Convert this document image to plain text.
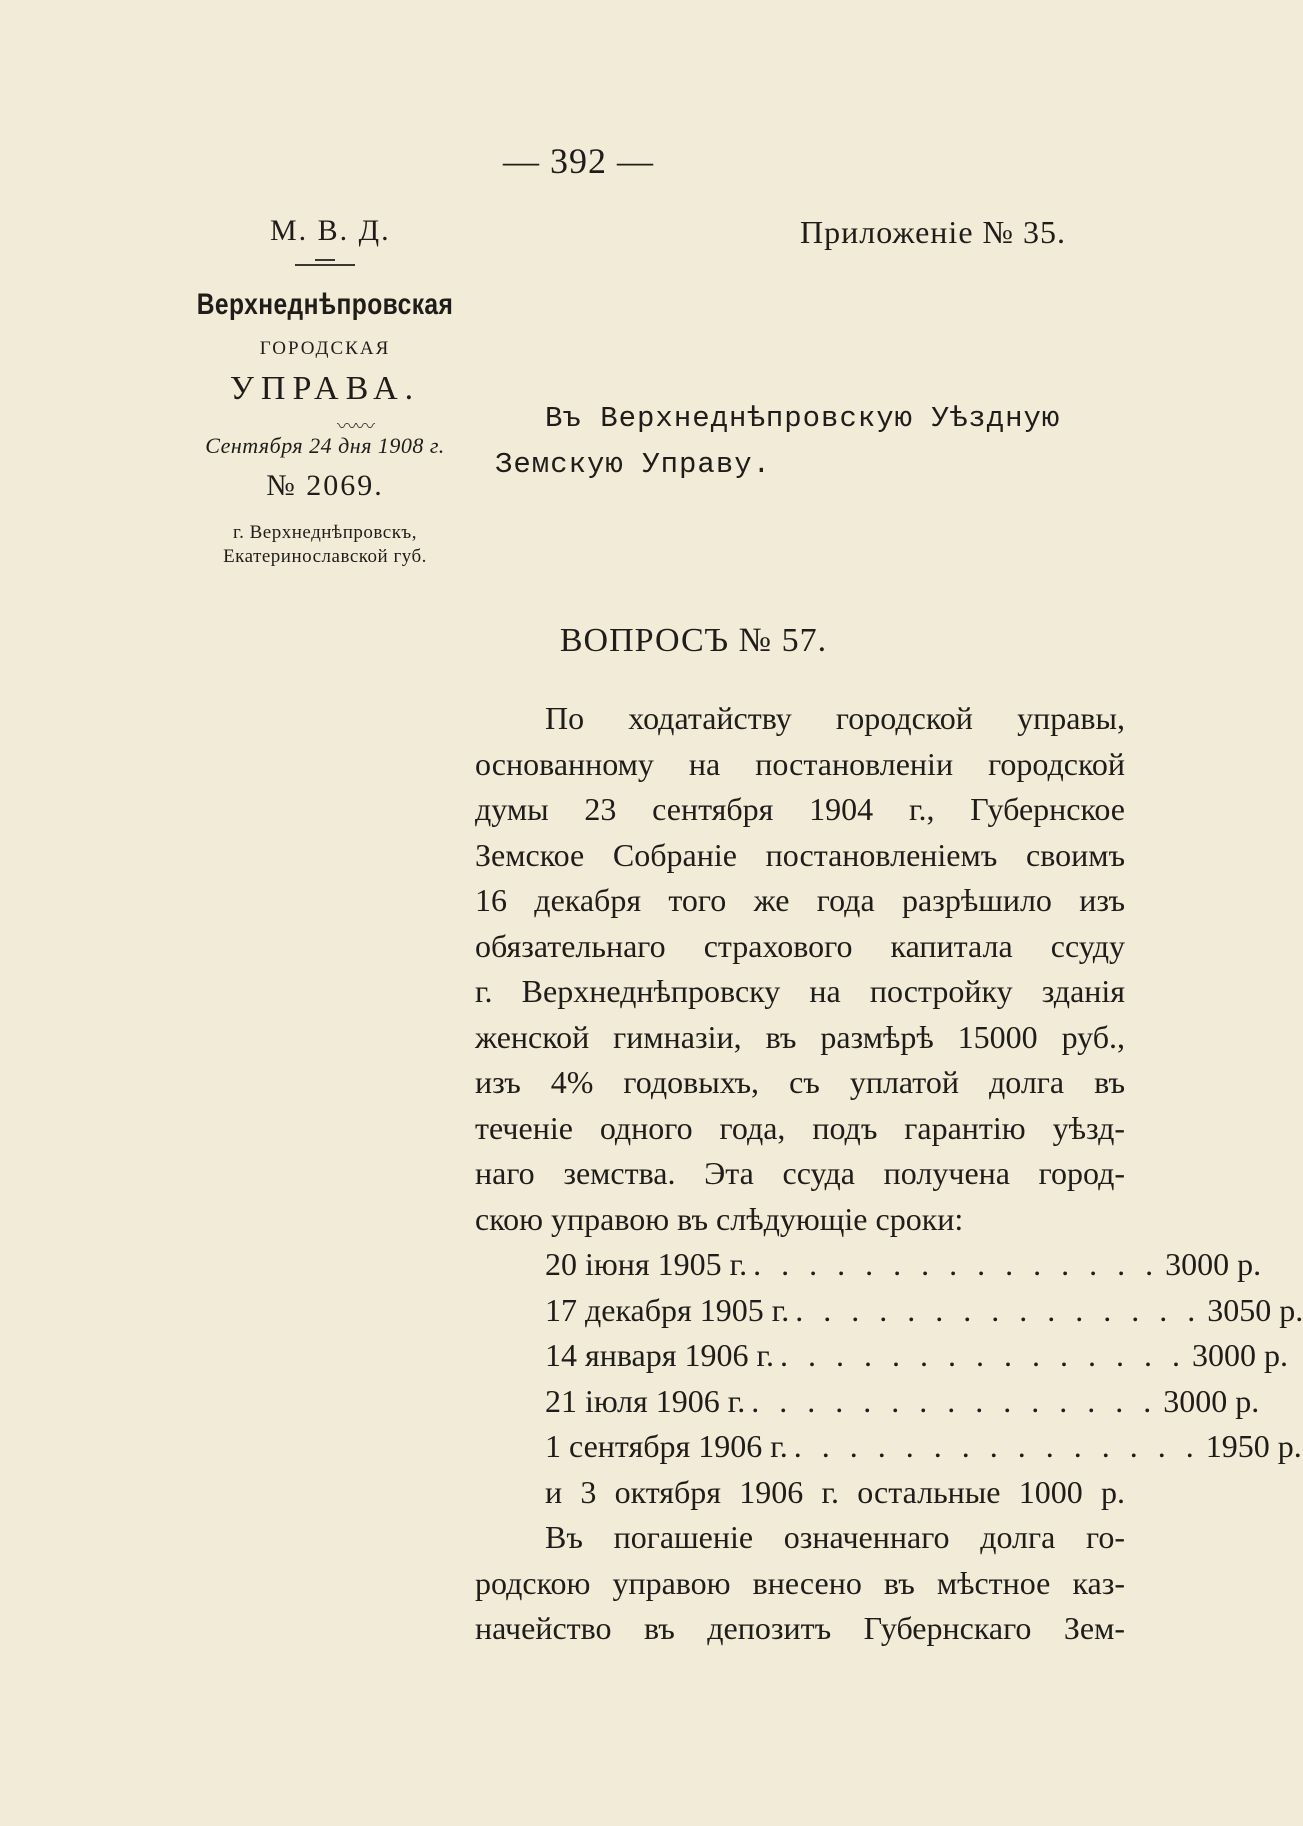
— 392 —
М. В. Д.
Верхнеднѣпровская
ГОРОДСКАЯ
УПРАВА.
〰〰
Сентября 24 дня 1908 г.
№ 2069.
г. Верхнеднѣпровскъ,
Екатеринославской губ.
Приложеніе № 35.
Въ Верхнеднѣпровскую Уѣздную
Земскую Управу.
ВОПРОСЪ № 57.
По ходатайству городской управы,
основанному на постановленіи городской
думы 23 сентября 1904 г., Губернское
Земское Собраніе постановленіемъ своимъ
16 декабря того же года разрѣшило изъ
обязательнаго страхового капитала ссуду
г. Верхнеднѣпровску на постройку зданія
женской гимназіи, въ размѣрѣ 15000 руб.,
изъ 4% годовыхъ, съ уплатой долга въ
теченіе одного года, подъ гарантію уѣзд-
наго земства. Эта ссуда получена город-
скою управою въ слѣдующіе сроки:
20 іюня 1905 г. . . . . . . . . . . . . . . . 3000 р.
17 декабря 1905 г. . . . . . . . . . . . . . . . 3050 р.
14 января 1906 г. . . . . . . . . . . . . . . . 3000 р.
21 іюля 1906 г. . . . . . . . . . . . . . . . 3000 р.
1 сентября 1906 г. . . . . . . . . . . . . . . . 1950 р.
и 3 октября 1906 г. остальные 1000 р.
Въ погашеніе означеннаго долга го-
родскою управою внесено въ мѣстное каз-
начейство въ депозитъ Губернскаго Зем-
